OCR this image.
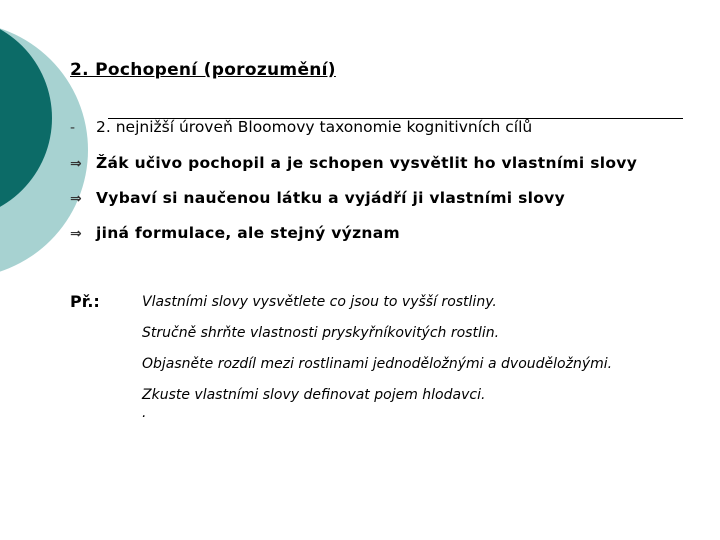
2. Pochopení (porozumění)
- 2. nejnižší úroveň Bloomovy taxonomie kognitivních cílů
⇒ Žák učivo pochopil a je schopen vysvětlit ho vlastními slovy
⇒ Vybaví si naučenou látku a vyjádří ji vlastními slovy
⇒ jiná formulace, ale stejný význam
Př.:	Vlastními slovy vysvětlete co jsou to vyšší rostliny.
Stručně shrňte vlastnosti pryskyřníkovitých rostlin.
Objasněte rozdíl mezi rostlinami jednoděložnými a dvouděložnými.
Zkuste vlastními slovy definovat pojem hlodavci.
.
